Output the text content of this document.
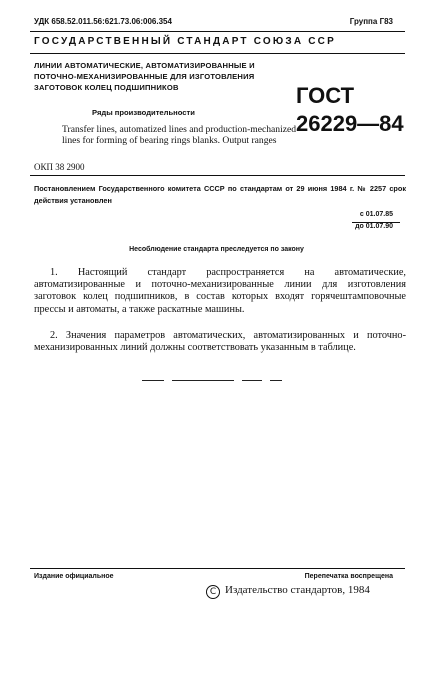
УДК 658.52.011.56:621.73.06:006.354	Группа Г83
ГОСУДАРСТВЕННЫЙ СТАНДАРТ СОЮЗА ССР
ЛИНИИ АВТОМАТИЧЕСКИЕ, АВТОМАТИЗИРОВАННЫЕ И ПОТОЧНО-МЕХАНИЗИРОВАННЫЕ ДЛЯ ИЗГОТОВЛЕНИЯ ЗАГОТОВОК КОЛЕЦ ПОДШИПНИКОВ
Ряды производительности
Transfer lines, automatized lines and production-mechanized lines for forming of bearing rings blanks. Output ranges
ГОСТ
26229—84
ОКП 38 2900
Постановлением Государственного комитета СССР по стандартам от 29 июня 1984 г. № 2257 срок действия установлен
с 01.07.85
до 01.07.90
Несоблюдение стандарта преследуется по закону
1. Настоящий стандарт распространяется на автоматические, автоматизированные и поточно-механизированные линии для изготовления заготовок колец подшипников, в состав которых входят горячештамповочные прессы и автоматы, а также раскатные машины.
2. Значения параметров автоматических, автоматизированных и поточно-механизированных линий должны соответствовать указанным в таблице.
Издание официальное	Перепечатка воспрещена
C Издательство стандартов, 1984
